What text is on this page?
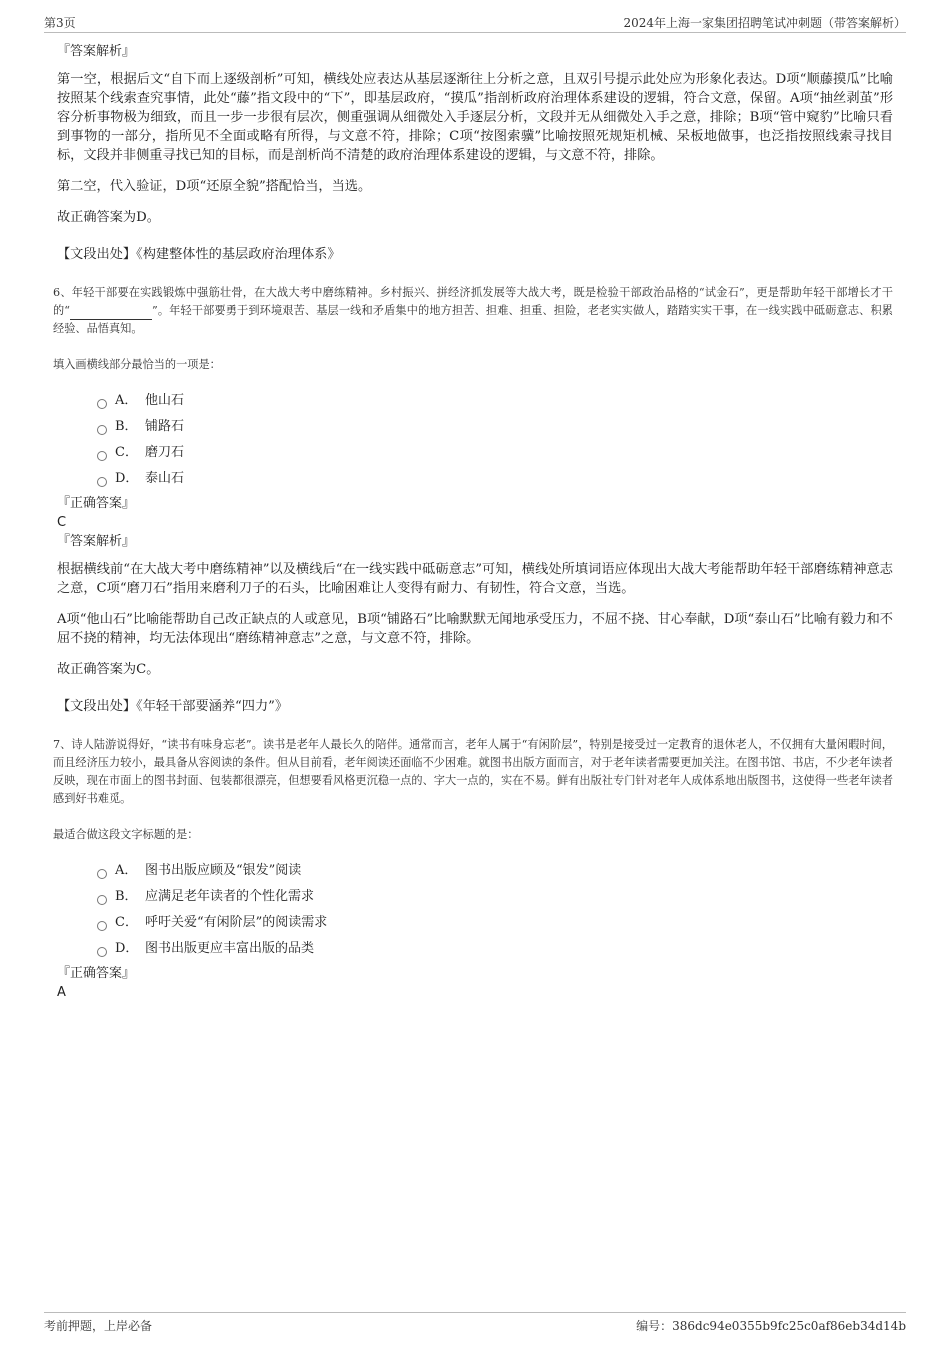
第3页	2024年上海一家集团招聘笔试冲刺题（带答案解析）

『答案解析』

第一空，根据后文“自下而上逐级剖析”可知，横线处应表达从基层逐渐往上分析之意，且双引号提示此处应为形象化表达。D项“顺藤摸瓜”比喻按照某个线索查究事情，此处“藤”指文段中的“下”，即基层政府，“摸瓜”指剖析政府治理体系建设的逻辑，符合文意，保留。A项“抽丝剥茧”形容分析事物极为细致，而且一步一步很有层次，侧重强调从细微处入手逐层分析，文段并无从细微处入手之意，排除；B项“管中窥豹”比喻只看到事物的一部分，指所见不全面或略有所得，与文意不符，排除；C项“按图索骥”比喻按照死规矩机械、呆板地做事，也泛指按照线索寻找目标，文段并非侧重寻找已知的目标，而是剖析尚不清楚的政府治理体系建设的逻辑，与文意不符，排除。

第二空，代入验证，D项“还原全貌”搭配恰当，当选。

故正确答案为D。

【文段出处】《构建整体性的基层政府治理体系》

6、年轻干部要在实践锻炼中强筋壮骨，在大战大考中磨练精神。乡村振兴、拼经济抓发展等大战大考，既是检验干部政治品格的“试金石”，更是帮助年轻干部增长才干的“	”。年轻干部要勇于到环境艰苦、基层一线和矛盾集中的地方担苦、担难、担重、担险，老老实实做人，踏踏实实干事，在一线实践中砥砺意志、积累经验、品悟真知。

填入画横线部分最恰当的一项是：

A． 他山石
B． 铺路石
C． 磨刀石
D． 泰山石

『正确答案』

C

『答案解析』

根据横线前“在大战大考中磨练精神”以及横线后“在一线实践中砥砺意志”可知，横线处所填词语应体现出大战大考能帮助年轻干部磨练精神意志之意，C项“磨刀石”指用来磨利刀子的石头，比喻困难让人变得有耐力、有韧性，符合文意，当选。

A项“他山石”比喻能帮助自己改正缺点的人或意见，B项“铺路石”比喻默默无闻地承受压力，不屈不挠、甘心奉献，D项“泰山石”比喻有毅力和不屈不挠的精神，均无法体现出“磨练精神意志”之意，与文意不符，排除。

故正确答案为C。

【文段出处】《年轻干部要涵养“四力”》

7、诗人陆游说得好，“读书有味身忘老”。读书是老年人最长久的陪伴。通常而言，老年人属于“有闲阶层”，特别是接受过一定教育的退休老人，不仅拥有大量闲暇时间，而且经济压力较小，最具备从容阅读的条件。但从目前看，老年阅读还面临不少困难。就图书出版方面而言，对于老年读者需要更加关注。在图书馆、书店，不少老年读者反映，现在市面上的图书封面、包装都很漂亮，但想要看风格更沉稳一点的、字大一点的，实在不易。鲜有出版社专门针对老年人成体系地出版图书，这使得一些老年读者感到好书难觅。

最适合做这段文字标题的是：

A． 图书出版应顾及“银发”阅读
B． 应满足老年读者的个性化需求
C． 呼吁关爱“有闲阶层”的阅读需求
D． 图书出版更应丰富出版的品类

『正确答案』

A

考前押题，上岸必备	编号：386dc94e0355b9fc25c0af86eb34d14b
